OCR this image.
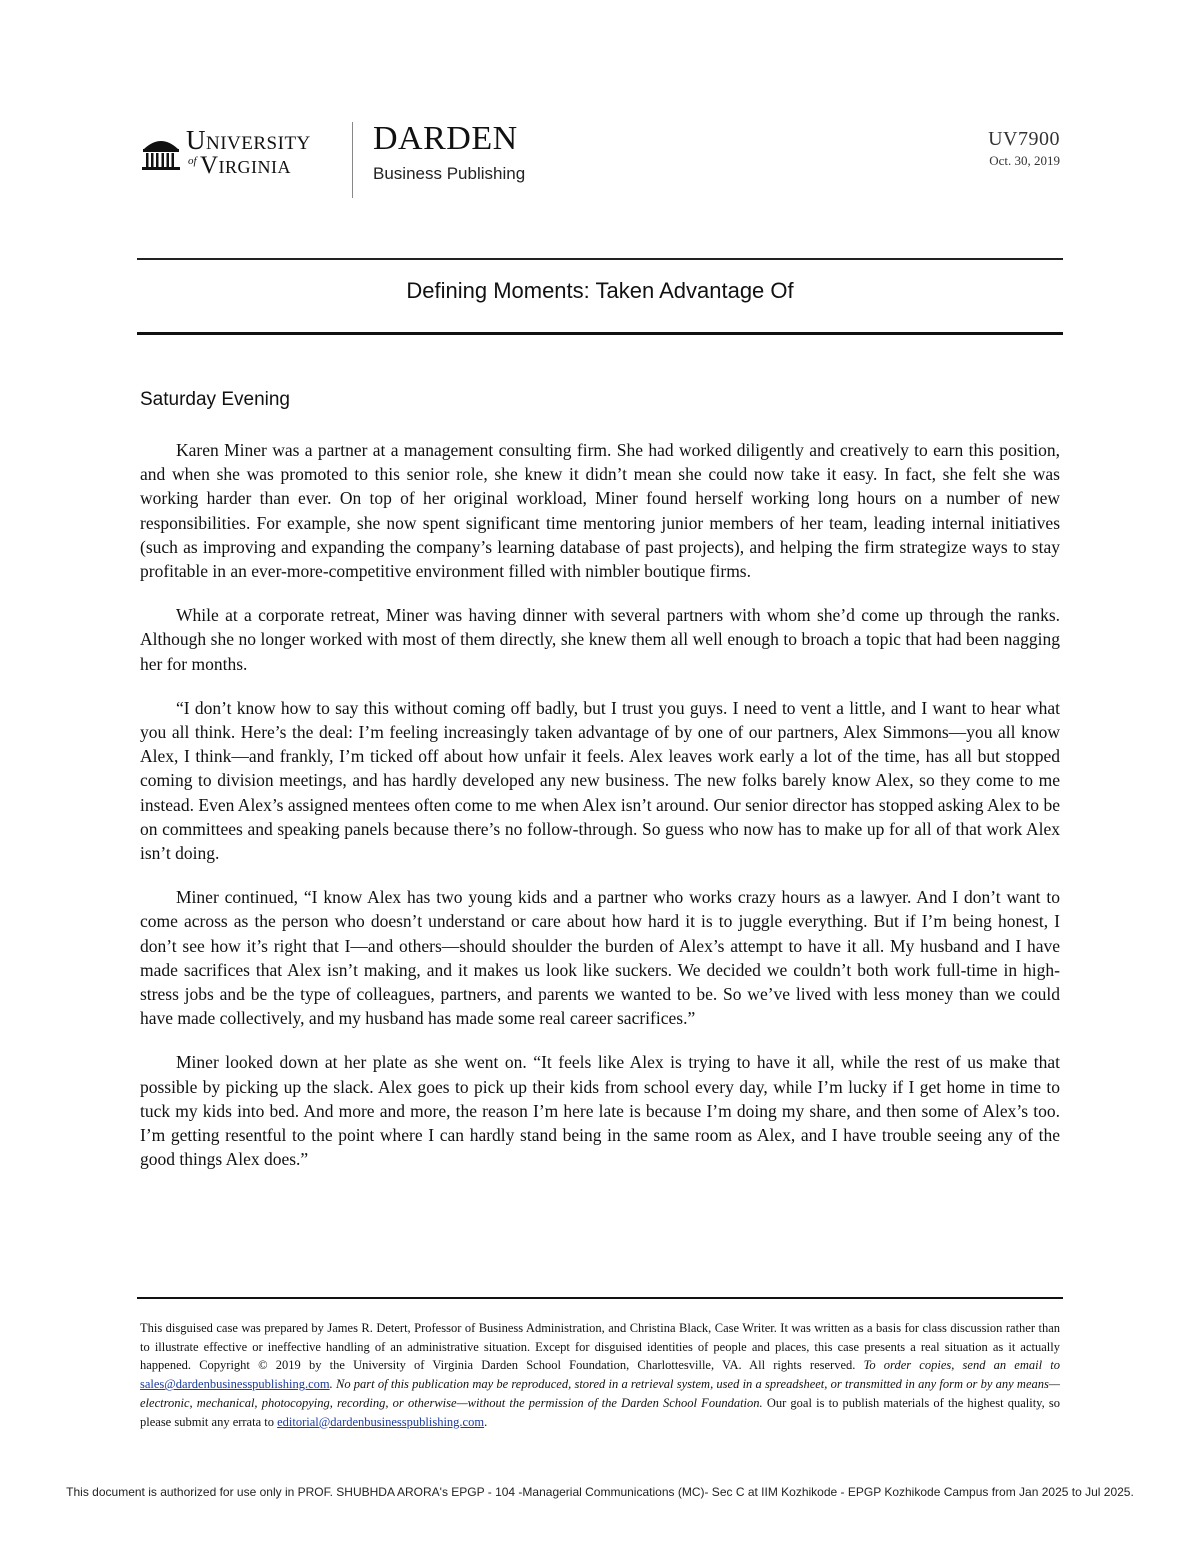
University
Virginia
of
DARDEN
Business Publishing
UV7900
Oct. 30, 2019
Defining Moments: Taken Advantage Of
Saturday Evening

Karen Miner was a partner at a management consulting firm. She had worked diligently and creatively to earn this position, and when she was promoted to this senior role, she knew it didn’t mean she could now take it easy. In fact, she felt she was working harder than ever. On top of her original workload, Miner found herself working long hours on a number of new responsibilities. For example, she now spent significant time mentoring junior members of her team, leading internal initiatives (such as improving and expanding the company’s learning database of past projects), and helping the firm strategize ways to stay profitable in an ever-more-competitive environment filled with nimbler boutique firms.

While at a corporate retreat, Miner was having dinner with several partners with whom she’d come up through the ranks. Although she no longer worked with most of them directly, she knew them all well enough to broach a topic that had been nagging her for months.

“I don’t know how to say this without coming off badly, but I trust you guys. I need to vent a little, and I want to hear what you all think. Here’s the deal: I’m feeling increasingly taken advantage of by one of our partners, Alex Simmons—you all know Alex, I think—and frankly, I’m ticked off about how unfair it feels. Alex leaves work early a lot of the time, has all but stopped coming to division meetings, and has hardly developed any new business. The new folks barely know Alex, so they come to me instead. Even Alex’s assigned mentees often come to me when Alex isn’t around. Our senior director has stopped asking Alex to be on committees and speaking panels because there’s no follow-through. So guess who now has to make up for all of that work Alex isn’t doing.

Miner continued, “I know Alex has two young kids and a partner who works crazy hours as a lawyer. And I don’t want to come across as the person who doesn’t understand or care about how hard it is to juggle everything. But if I’m being honest, I don’t see how it’s right that I—and others—should shoulder the burden of Alex’s attempt to have it all. My husband and I have made sacrifices that Alex isn’t making, and it makes us look like suckers. We decided we couldn’t both work full-time in high-stress jobs and be the type of colleagues, partners, and parents we wanted to be. So we’ve lived with less money than we could have made collectively, and my husband has made some real career sacrifices.”

Miner looked down at her plate as she went on. “It feels like Alex is trying to have it all, while the rest of us make that possible by picking up the slack. Alex goes to pick up their kids from school every day, while I’m lucky if I get home in time to tuck my kids into bed. And more and more, the reason I’m here late is because I’m doing my share, and then some of Alex’s too. I’m getting resentful to the point where I can hardly stand being in the same room as Alex, and I have trouble seeing any of the good things Alex does.”

This disguised case was prepared by James R. Detert, Professor of Business Administration, and Christina Black, Case Writer. It was written as a basis for class discussion rather than to illustrate effective or ineffective handling of an administrative situation. Except for disguised identities of people and places, this case presents a real situation as it actually happened. Copyright © 2019 by the University of Virginia Darden School Foundation, Charlottesville, VA. All rights reserved. To order copies, send an email to sales@dardenbusinesspublishing.com. No part of this publication may be reproduced, stored in a retrieval system, used in a spreadsheet, or transmitted in any form or by any means—electronic, mechanical, photocopying, recording, or otherwise—without the permission of the Darden School Foundation. Our goal is to publish materials of the highest quality, so please submit any errata to editorial@dardenbusinesspublishing.com.
This document is authorized for use only in PROF. SHUBHDA ARORA's EPGP - 104 -Managerial Communications (MC)- Sec C at IIM Kozhikode - EPGP Kozhikode Campus from Jan 2025 to Jul 2025.
